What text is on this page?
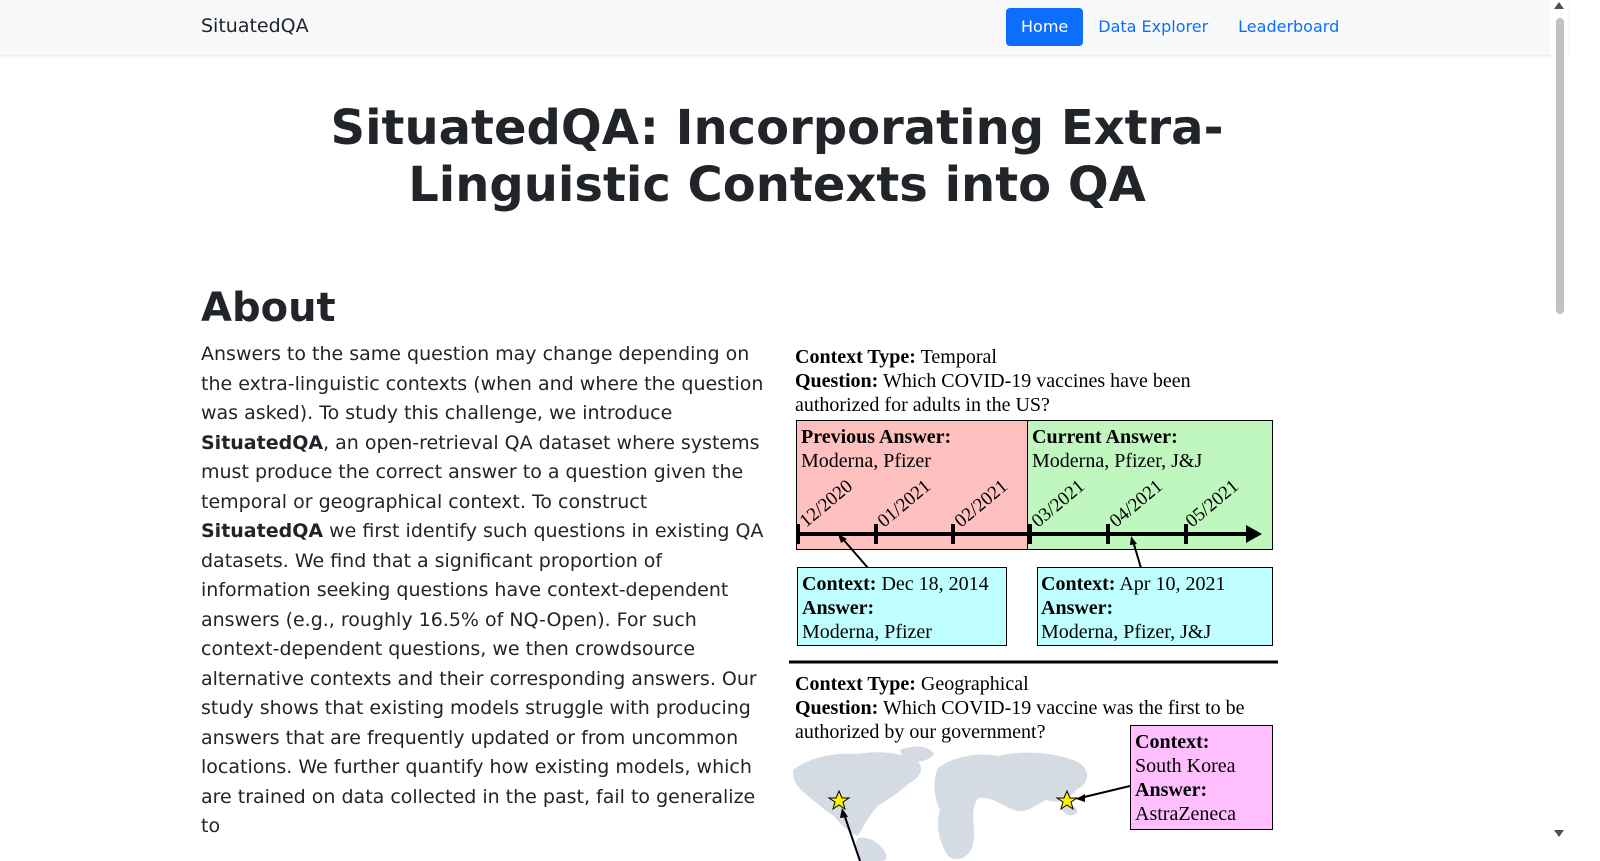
SituatedQA	Home	Data Explorer	Leaderboard
SituatedQA: Incorporating Extra-Linguistic Contexts into QA
About

Answers to the same question may change depending on the extra-linguistic contexts (when and where the question was asked). To study this challenge, we introduce SituatedQA, an open-retrieval QA dataset where systems must produce the correct answer to a question given the temporal or geographical context. To construct SituatedQA we first identify such questions in existing QA datasets. We find that a significant proportion of information seeking questions have context-dependent answers (e.g., roughly 16.5% of NQ-Open). For such context-dependent questions, we then crowdsource alternative contexts and their corresponding answers. Our study shows that existing models struggle with producing answers that are frequently updated or from uncommon locations. We further quantify how existing models, which are trained on data collected in the past, fail to generalize to

Context Type: Temporal
Question: Which COVID-19 vaccines have been
authorized for adults in the US?
Previous Answer:
Moderna, Pfizer
Current Answer:
Moderna, Pfizer, J&J
12/2020 01/2021 02/2021 03/2021 04/2021 05/2021
Context: Dec 18, 2014
Answer:
Moderna, Pfizer
Context: Apr 10, 2021
Answer:
Moderna, Pfizer, J&J
Context Type: Geographical
Question: Which COVID-19 vaccine was the first to be
authorized by our government?	Context:
South Korea
Answer:
AstraZeneca
